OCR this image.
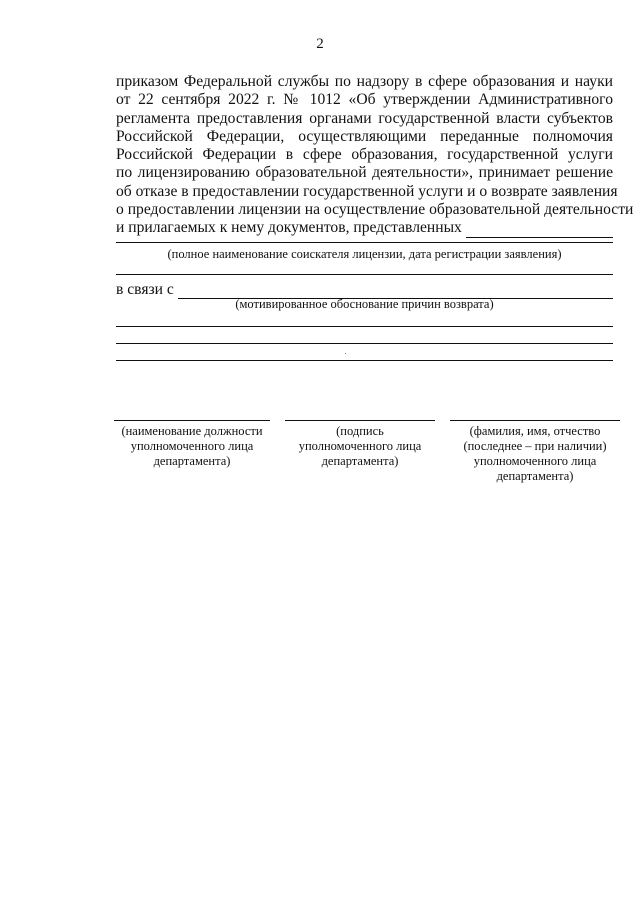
2
приказом Федеральной службы по надзору в сфере образования и науки
от 22 сентября 2022 г. № 1012 «Об утверждении Административного
регламента предоставления органами государственной власти субъектов
Российской Федерации, осуществляющими переданные полномочия
Российской Федерации в сфере образования, государственной услуги
по лицензированию образовательной деятельности», принимает решение
об отказе в предоставлении государственной услуги и о возврате заявления
о предоставлении лицензии на осуществление образовательной деятельности
и прилагаемых к нему документов, представленных
(полное наименование соискателя лицензии, дата регистрации заявления)
в связи с
(мотивированное обоснование причин возврата)
(наименование должности
уполномоченного лица
департамента)
(подпись
уполномоченного лица
департамента)
(фамилия, имя, отчество
(последнее – при наличии)
уполномоченного лица
департамента)
